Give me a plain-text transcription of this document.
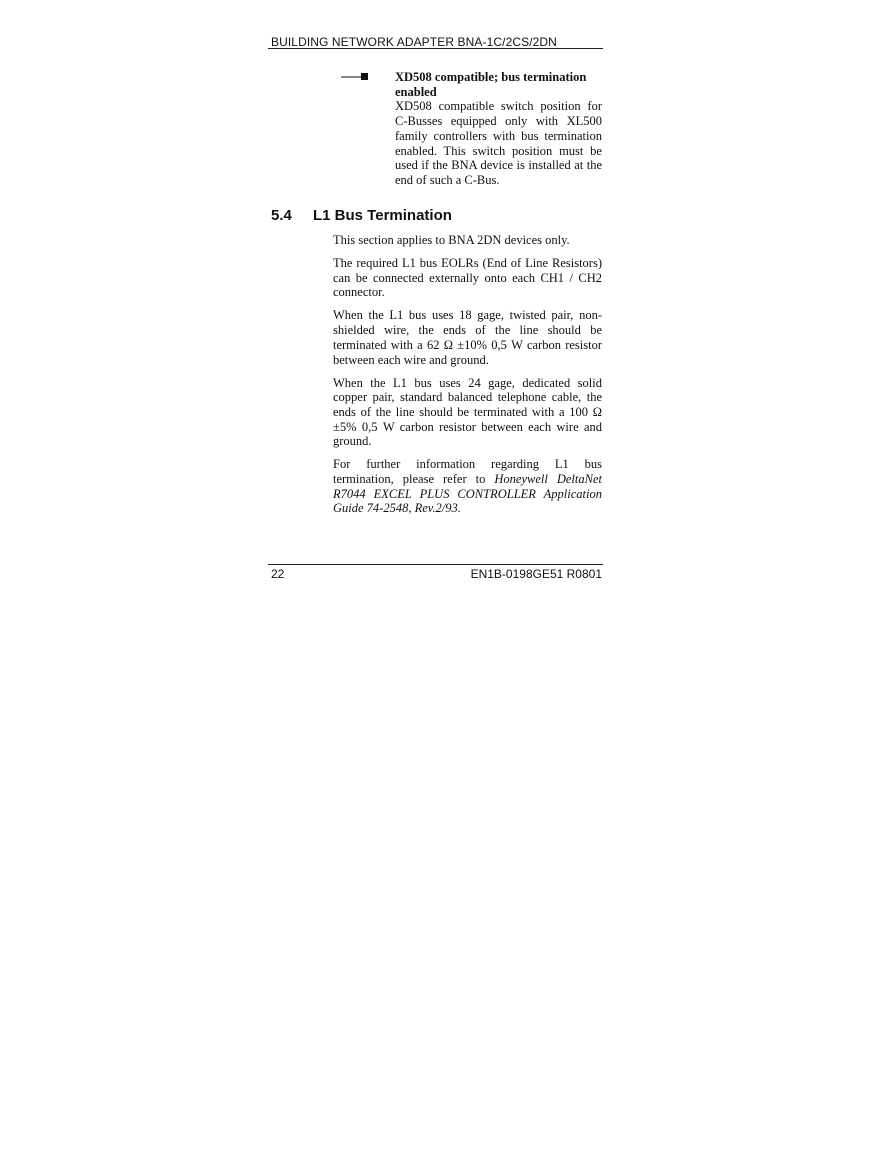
BUILDING NETWORK ADAPTER BNA-1C/2CS/2DN
XD508 compatible; bus termination enabled
XD508 compatible switch position for C-Busses equipped only with XL500 family controllers with bus termination enabled. This switch position must be used if the BNA device is installed at the end of such a C-Bus.
5.4 L1 Bus Termination

This section applies to BNA 2DN devices only.

The required L1 bus EOLRs (End of Line Resistors) can be connected externally onto each CH1 / CH2 connector.

When the L1 bus uses 18 gage, twisted pair, non-shielded wire, the ends of the line should be terminated with a 62 Ω ±10% 0,5 W carbon resistor between each wire and ground.

When the L1 bus uses 24 gage, dedicated solid copper pair, standard balanced telephone cable, the ends of the line should be terminated with a 100 Ω ±5% 0,5 W carbon resistor between each wire and ground.

For further information regarding L1 bus termination, please refer to Honeywell DeltaNet R7044 EXCEL PLUS CONTROLLER Application Guide 74-2548, Rev.2/93.

22	EN1B-0198GE51 R0801
